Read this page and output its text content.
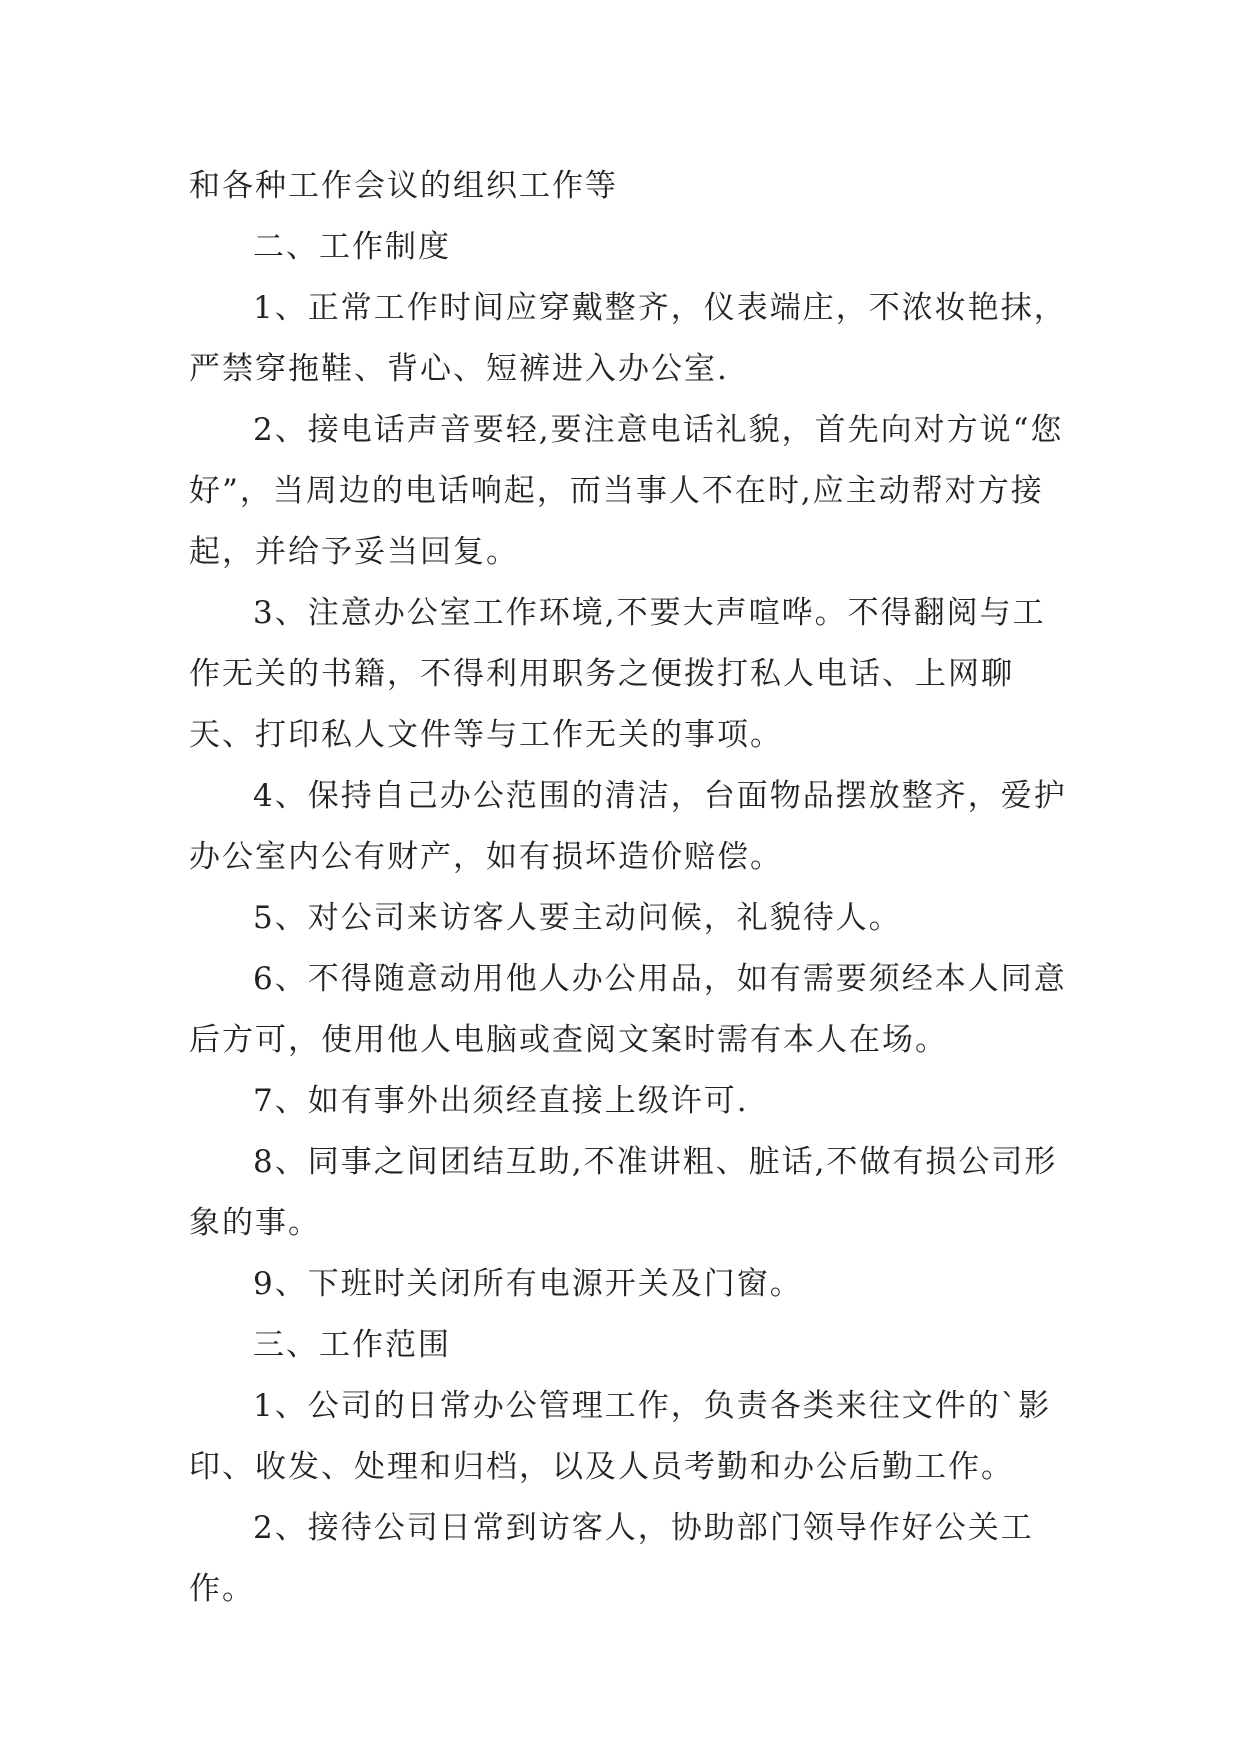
和各种工作会议的组织工作等

二、工作制度

1、正常工作时间应穿戴整齐，仪表端庄，不浓妆艳抹，严禁穿拖鞋、背心、短裤进入办公室.

2、接电话声音要轻,要注意电话礼貌，首先向对方说“您好”，当周边的电话响起，而当事人不在时,应主动帮对方接起，并给予妥当回复。

3、注意办公室工作环境,不要大声喧哗。不得翻阅与工作无关的书籍，不得利用职务之便拨打私人电话、上网聊天、打印私人文件等与工作无关的事项。

4、保持自己办公范围的清洁，台面物品摆放整齐，爱护办公室内公有财产，如有损坏造价赔偿。

5、对公司来访客人要主动问候，礼貌待人。

6、不得随意动用他人办公用品，如有需要须经本人同意后方可，使用他人电脑或查阅文案时需有本人在场。

7、如有事外出须经直接上级许可.

8、同事之间团结互助,不准讲粗、脏话,不做有损公司形象的事。

9、下班时关闭所有电源开关及门窗。

三、工作范围

1、公司的日常办公管理工作，负责各类来往文件的`影印、收发、处理和归档，以及人员考勤和办公后勤工作。

2、接待公司日常到访客人，协助部门领导作好公关工作。
